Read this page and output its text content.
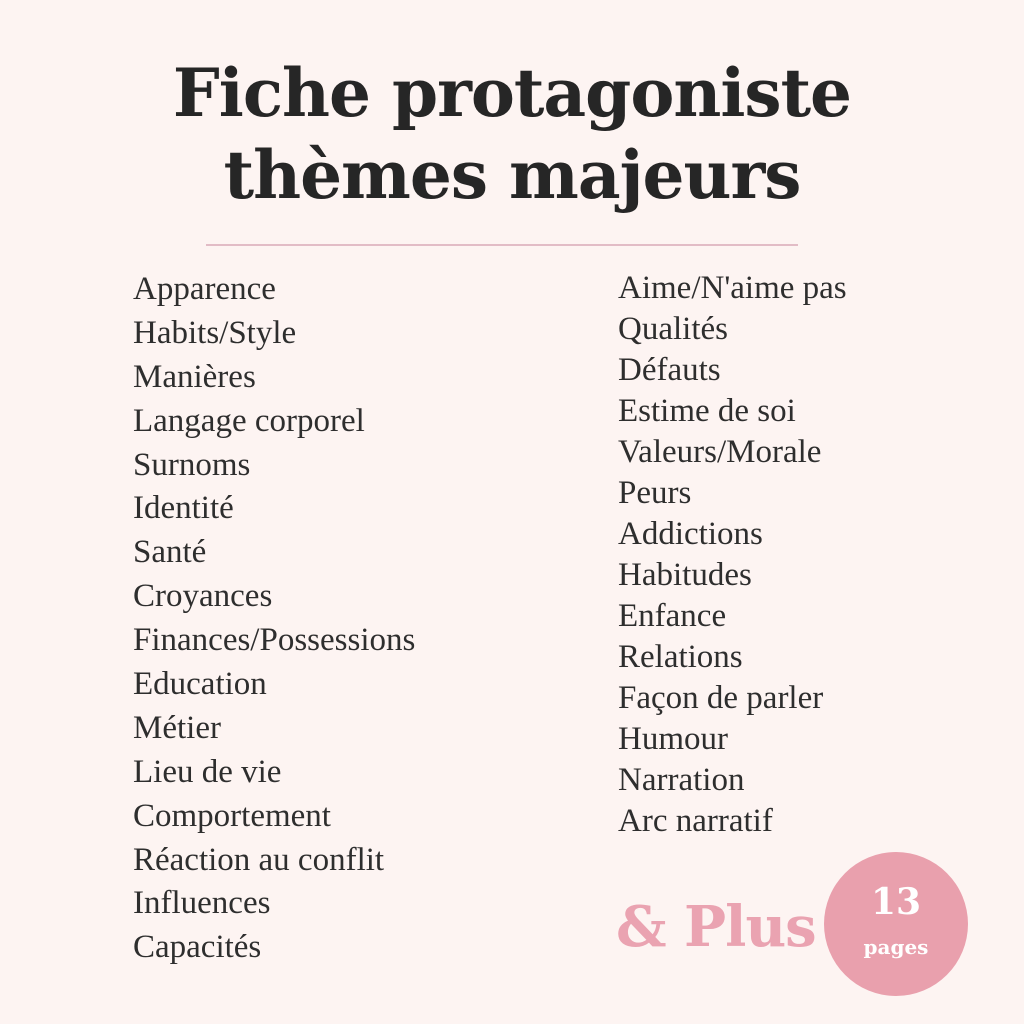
Fiche protagoniste
thèmes majeurs
Apparence
Habits/Style
Manières
Langage corporel
Surnoms
Identité
Santé
Croyances
Finances/Possessions
Education
Métier
Lieu de vie
Comportement
Réaction au conflit
Influences
Capacités
Aime/N'aime pas
Qualités
Défauts
Estime de soi
Valeurs/Morale
Peurs
Addictions
Habitudes
Enfance
Relations
Façon de parler
Humour
Narration
Arc narratif
& Plus	13
pages
